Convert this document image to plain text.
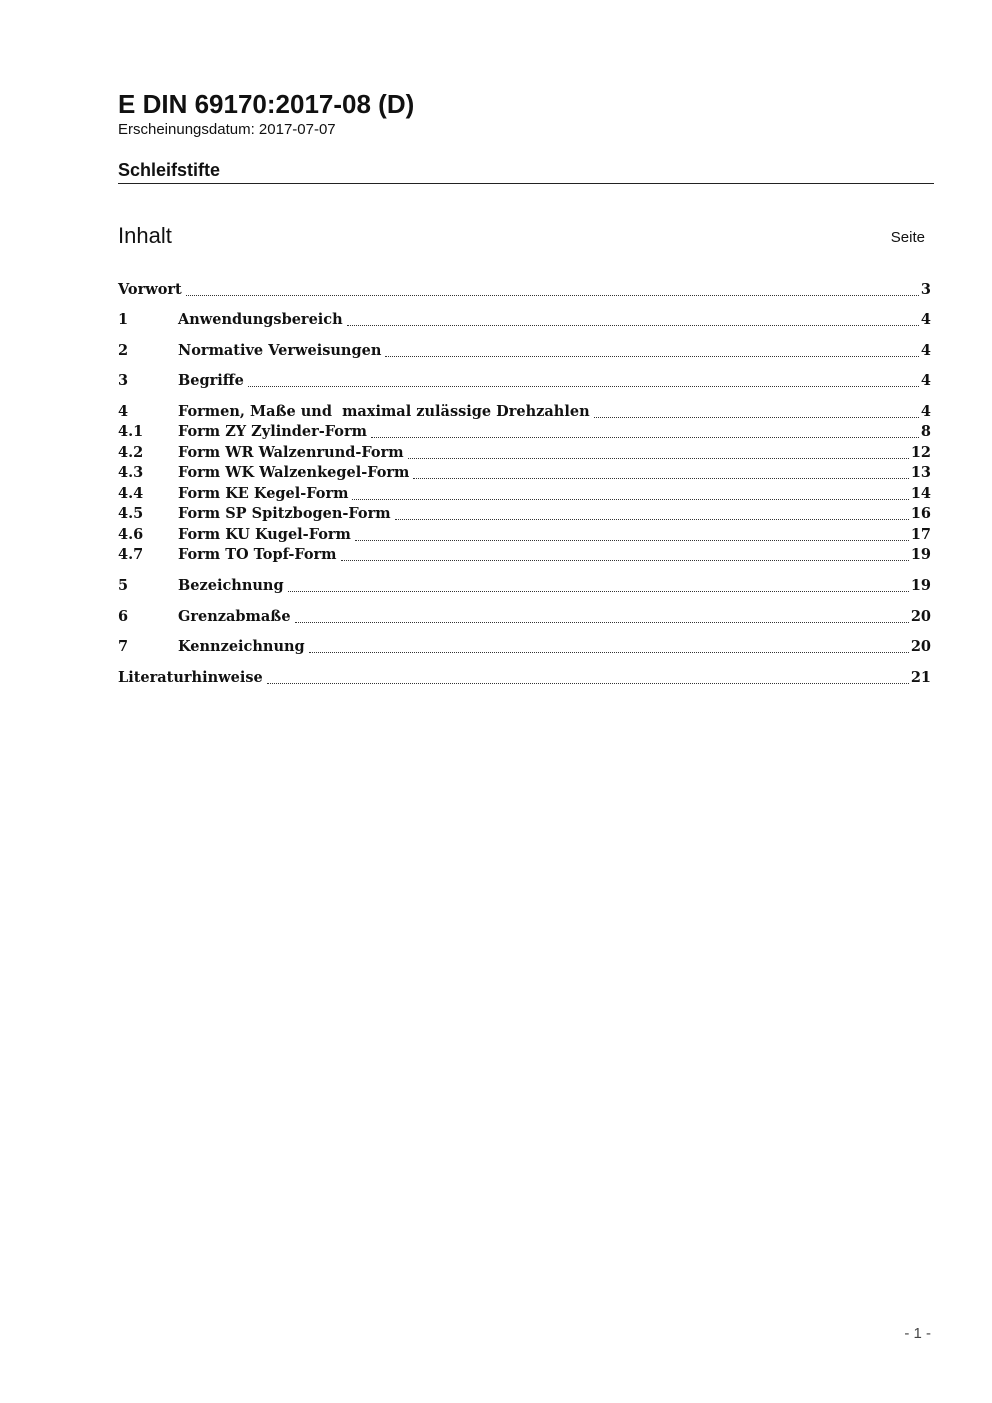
E DIN 69170:2017-08 (D)
Erscheinungsdatum: 2017-07-07
Schleifstifte
Inhalt	Seite
Vorwort	3
1	Anwendungsbereich	4
2	Normative Verweisungen	4
3	Begriffe	4
4	Formen, Maße und  maximal zulässige Drehzahlen	4
4.1	Form ZY Zylinder-Form	8
4.2	Form WR Walzenrund-Form	12
4.3	Form WK Walzenkegel-Form	13
4.4	Form KE Kegel-Form	14
4.5	Form SP Spitzbogen-Form	16
4.6	Form KU Kugel-Form	17
4.7	Form TO Topf-Form	19
5	Bezeichnung	19
6	Grenzabmaße	20
7	Kennzeichnung	20
Literaturhinweise	21
- 1 -
